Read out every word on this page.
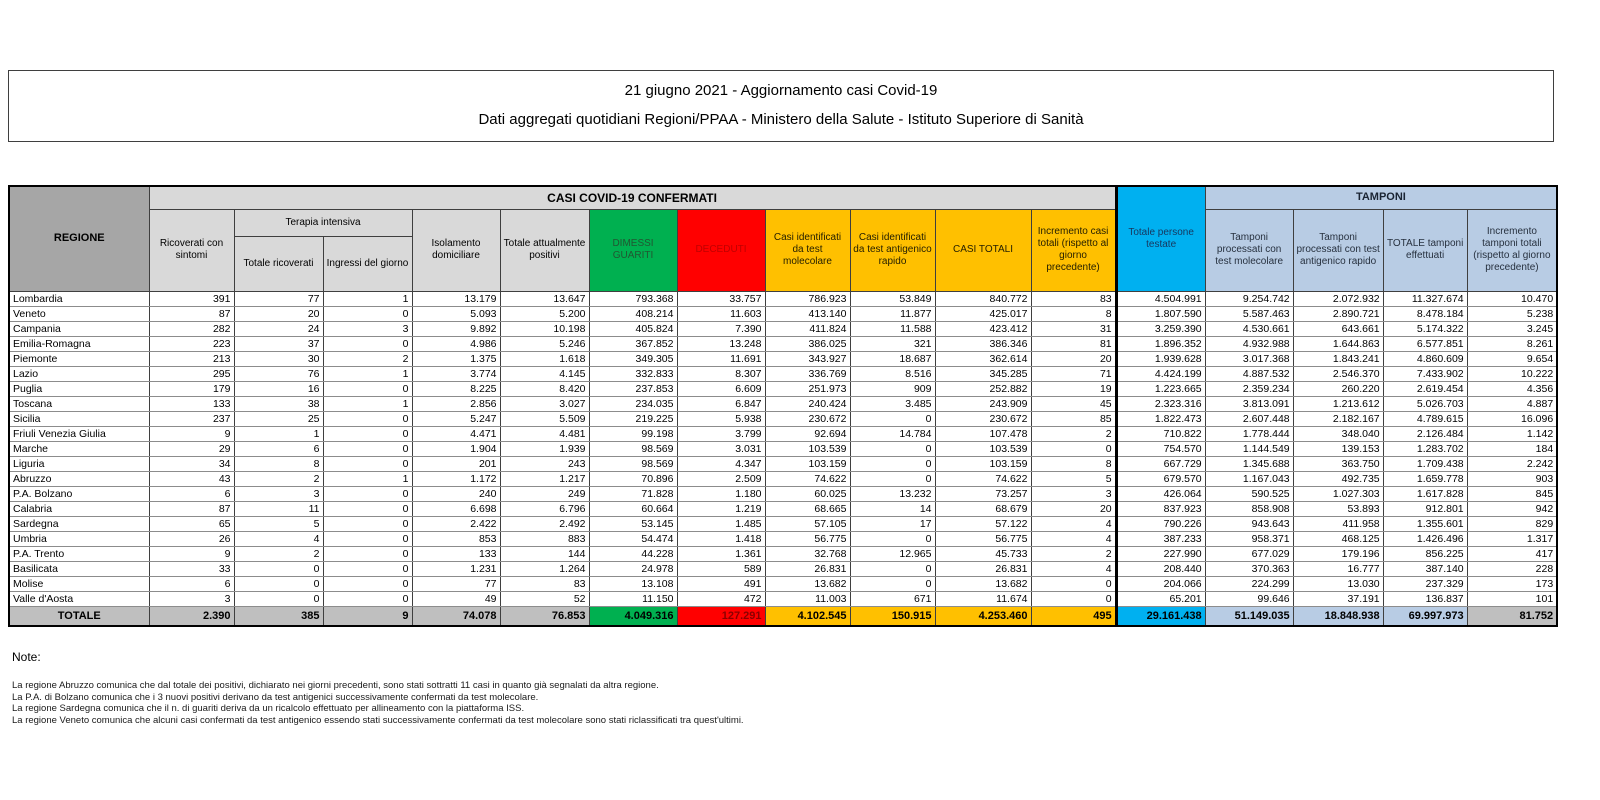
21 giugno 2021 - Aggiornamento casi Covid-19
Dati aggregati quotidiani Regioni/PPAA - Ministero della Salute - Istituto Superiore di Sanità
REGIONE	CASI COVID-19 CONFERMATI											Totale persone testate	TAMPONI			
	Ricoverati con sintomi	Terapia intensiva		Isolamento domiciliare	Totale attualmente positivi	DIMESSI GUARITI	DECEDUTI	Casi identificati da test molecolare	Casi identificati da test antigenico rapido	CASI TOTALI	Incremento casi totali (rispetto al giorno precedente)		Tamponi processati con test molecolare	Tamponi processati con test antigenico rapido	TOTALE tamponi effettuati	Incremento tamponi totali (rispetto al giorno precedente)
		Totale ricoverati	Ingressi del giorno													
Lombardia	391	77	1	13.179	13.647	793.368	33.757	786.923	53.849	840.772	83	4.504.991	9.254.742	2.072.932	11.327.674	10.470
Veneto	87	20	0	5.093	5.200	408.214	11.603	413.140	11.877	425.017	8	1.807.590	5.587.463	2.890.721	8.478.184	5.238
Campania	282	24	3	9.892	10.198	405.824	7.390	411.824	11.588	423.412	31	3.259.390	4.530.661	643.661	5.174.322	3.245
Emilia-Romagna	223	37	0	4.986	5.246	367.852	13.248	386.025	321	386.346	81	1.896.352	4.932.988	1.644.863	6.577.851	8.261
Piemonte	213	30	2	1.375	1.618	349.305	11.691	343.927	18.687	362.614	20	1.939.628	3.017.368	1.843.241	4.860.609	9.654
Lazio	295	76	1	3.774	4.145	332.833	8.307	336.769	8.516	345.285	71	4.424.199	4.887.532	2.546.370	7.433.902	10.222
Puglia	179	16	0	8.225	8.420	237.853	6.609	251.973	909	252.882	19	1.223.665	2.359.234	260.220	2.619.454	4.356
Toscana	133	38	1	2.856	3.027	234.035	6.847	240.424	3.485	243.909	45	2.323.316	3.813.091	1.213.612	5.026.703	4.887
Sicilia	237	25	0	5.247	5.509	219.225	5.938	230.672	0	230.672	85	1.822.473	2.607.448	2.182.167	4.789.615	16.096
Friuli Venezia Giulia	9	1	0	4.471	4.481	99.198	3.799	92.694	14.784	107.478	2	710.822	1.778.444	348.040	2.126.484	1.142
Marche	29	6	0	1.904	1.939	98.569	3.031	103.539	0	103.539	0	754.570	1.144.549	139.153	1.283.702	184
Liguria	34	8	0	201	243	98.569	4.347	103.159	0	103.159	8	667.729	1.345.688	363.750	1.709.438	2.242
Abruzzo	43	2	1	1.172	1.217	70.896	2.509	74.622	0	74.622	5	679.570	1.167.043	492.735	1.659.778	903
P.A. Bolzano	6	3	0	240	249	71.828	1.180	60.025	13.232	73.257	3	426.064	590.525	1.027.303	1.617.828	845
Calabria	87	11	0	6.698	6.796	60.664	1.219	68.665	14	68.679	20	837.923	858.908	53.893	912.801	942
Sardegna	65	5	0	2.422	2.492	53.145	1.485	57.105	17	57.122	4	790.226	943.643	411.958	1.355.601	829
Umbria	26	4	0	853	883	54.474	1.418	56.775	0	56.775	4	387.233	958.371	468.125	1.426.496	1.317
P.A. Trento	9	2	0	133	144	44.228	1.361	32.768	12.965	45.733	2	227.990	677.029	179.196	856.225	417
Basilicata	33	0	0	1.231	1.264	24.978	589	26.831	0	26.831	4	208.440	370.363	16.777	387.140	228
Molise	6	0	0	77	83	13.108	491	13.682	0	13.682	0	204.066	224.299	13.030	237.329	173
Valle d'Aosta	3	0	0	49	52	11.150	472	11.003	671	11.674	0	65.201	99.646	37.191	136.837	101
TOTALE	2.390	385	9	74.078	76.853	4.049.316	127.291	4.102.545	150.915	4.253.460	495	29.161.438	51.149.035	18.848.938	69.997.973	81.752
Note:
La regione Abruzzo comunica che dal totale dei positivi, dichiarato nei giorni precedenti, sono stati sottratti 11 casi in quanto già segnalati da altra regione.
La P.A. di Bolzano comunica che i 3 nuovi positivi derivano da test antigenici successivamente confermati da test molecolare.
La regione Sardegna comunica che il n. di guariti deriva da un ricalcolo effettuato per allineamento con la piattaforma ISS.
La regione Veneto comunica che alcuni casi confermati da test antigenico essendo stati successivamente confermati da test molecolare sono stati riclassificati tra quest'ultimi.
